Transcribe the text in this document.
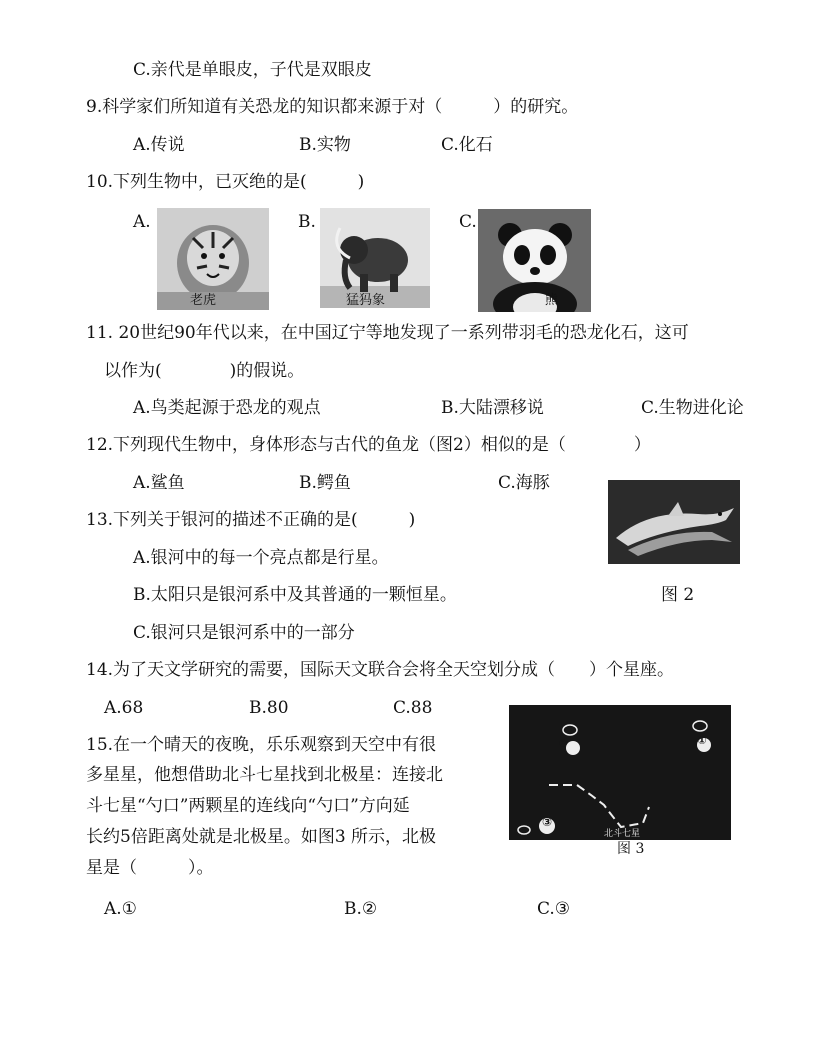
C.亲代是单眼皮，子代是双眼皮
9.科学家们所知道有关恐龙的知识都来源于对（　　　）的研究。
A.传说	B.实物	C.化石
10.下列生物中，已灭绝的是(　　　)
A.	B.	C.
老虎	猛犸象	熊
11. 20世纪90年代以来，在中国辽宁等地发现了一系列带羽毛的恐龙化石，这可
以作为(　　　　)的假说。
A.鸟类起源于恐龙的观点	B.大陆漂移说	C.生物进化论
12.下列现代生物中，身体形态与古代的鱼龙（图2）相似的是（　　　　）
A.鲨鱼	B.鳄鱼	C.海豚
图 2
13.下列关于银河的描述不正确的是(　　　)
A.银河中的每一个亮点都是行星。
B.太阳只是银河系中及其普通的一颗恒星。
C.银河只是银河系中的一部分
14.为了天文学研究的需要，国际天文联合会将全天空划分成（　　）个星座。
A.68	B.80	C.88
②	①
③
北斗七星
图 3
15.在一个晴天的夜晚，乐乐观察到天空中有很
多星星，他想借助北斗七星找到北极星：连接北
斗七星“勺口”两颗星的连线向“勺口”方向延
长约5倍距离处就是北极星。如图3 所示，北极
星是（　　　）。
A.①	B.②	C.③
